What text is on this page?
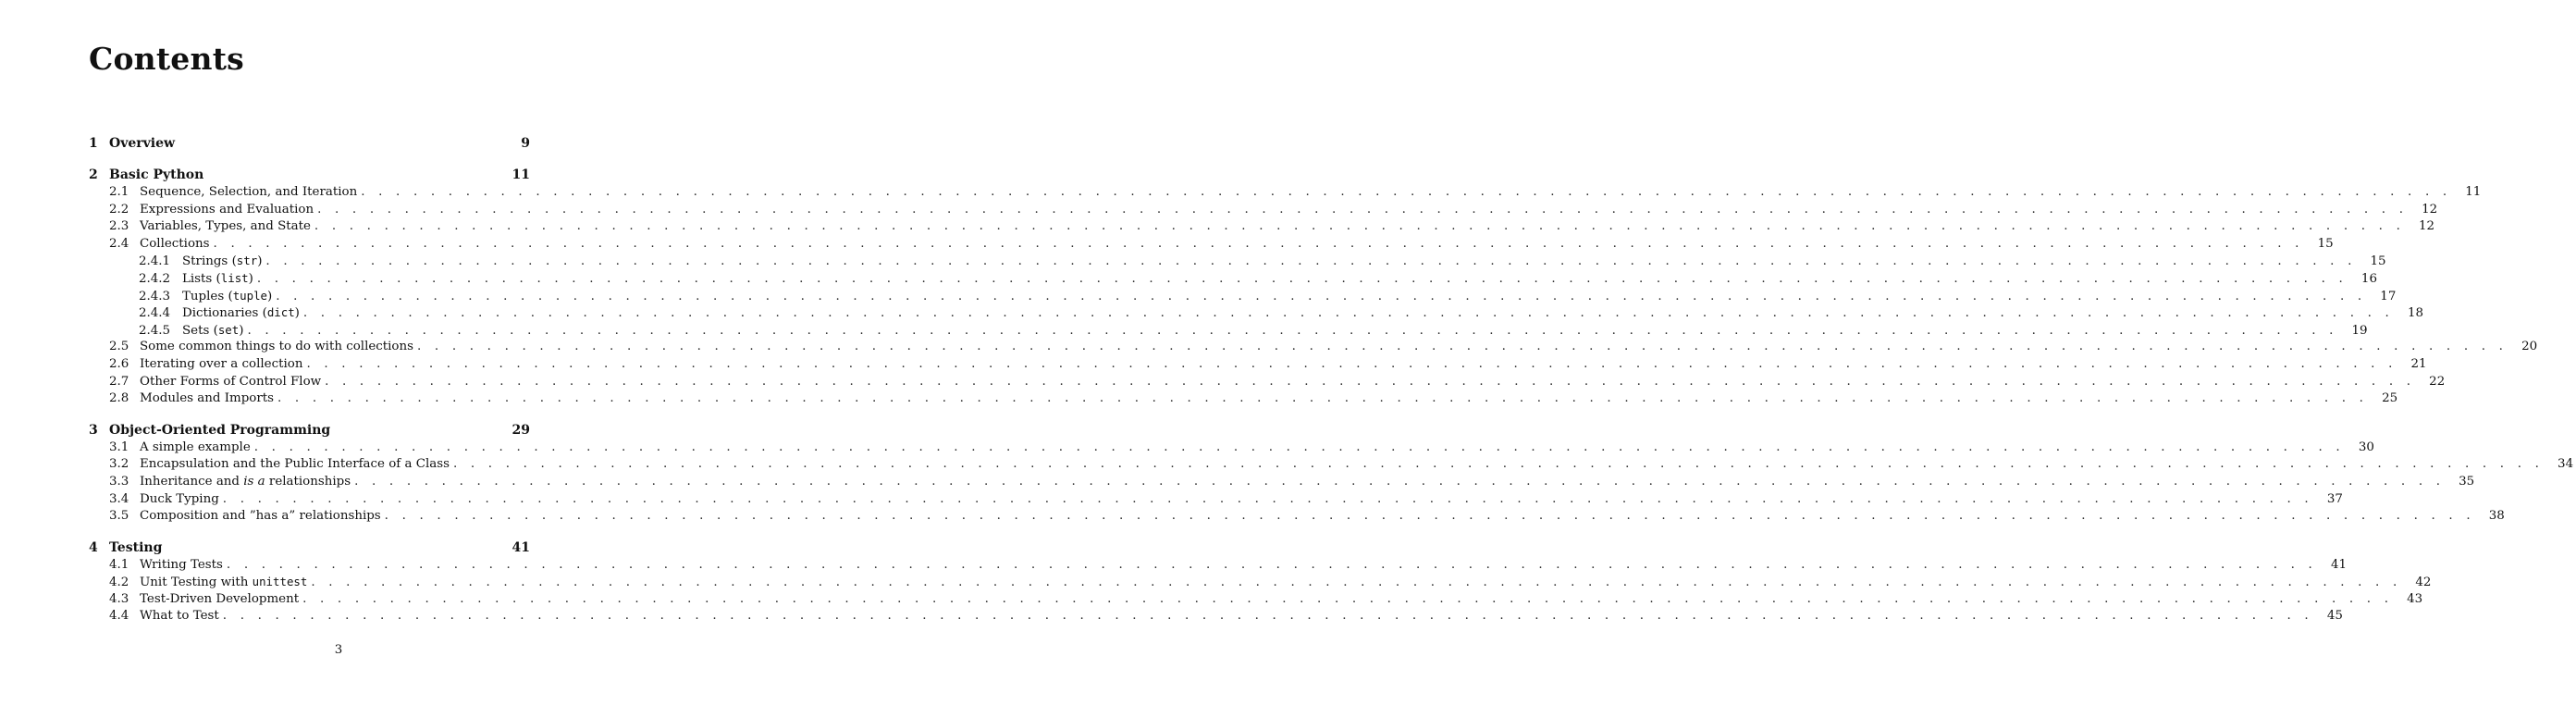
Contents
1 Overview	9
2 Basic Python	11
2.1 Sequence, Selection, and Iteration . . . . . . . . . . . . . . . . . . . . . . . . . . . . . . . . . . . . . . . . . . . . . . . . . . . . . . . . . . . . . . . . . . . . . . . . . . . . . . . . . . . . . . . . . . . . . . . . . . . . . . . . . . . . . . . . . . . . . . . .	11
2.2 Expressions and Evaluation . . . . . . . . . . . . . . . . . . . . . . . . . . . . . . . . . . . . . . . . . . . . . . . . . . . . . . . . . . . . . . . . . . . . . . . . . . . . . . . . . . . . . . . . . . . . . . . . . . . . . . . . . . . . . . . . . . . . . . . .	12
2.3 Variables, Types, and State . . . . . . . . . . . . . . . . . . . . . . . . . . . . . . . . . . . . . . . . . . . . . . . . . . . . . . . . . . . . . . . . . . . . . . . . . . . . . . . . . . . . . . . . . . . . . . . . . . . . . . . . . . . . . . . . . . . . . . . .	12
2.4 Collections . . . . . . . . . . . . . . . . . . . . . . . . . . . . . . . . . . . . . . . . . . . . . . . . . . . . . . . . . . . . . . . . . . . . . . . . . . . . . . . . . . . . . . . . . . . . . . . . . . . . . . . . . . . . . . . . . . . . . . . .	15
2.4.1 Strings (str) . . . . . . . . . . . . . . . . . . . . . . . . . . . . . . . . . . . . . . . . . . . . . . . . . . . . . . . . . . . . . . . . . . . . . . . . . . . . . . . . . . . . . . . . . . . . . . . . . . . . . . . . . . . . . . . . . . . . . . . .	15
2.4.2 Lists (list) . . . . . . . . . . . . . . . . . . . . . . . . . . . . . . . . . . . . . . . . . . . . . . . . . . . . . . . . . . . . . . . . . . . . . . . . . . . . . . . . . . . . . . . . . . . . . . . . . . . . . . . . . . . . . . . . . . . . . . . .	16
2.4.3 Tuples (tuple) . . . . . . . . . . . . . . . . . . . . . . . . . . . . . . . . . . . . . . . . . . . . . . . . . . . . . . . . . . . . . . . . . . . . . . . . . . . . . . . . . . . . . . . . . . . . . . . . . . . . . . . . . . . . . . . . . . . . . . . .	17
2.4.4 Dictionaries (dict) . . . . . . . . . . . . . . . . . . . . . . . . . . . . . . . . . . . . . . . . . . . . . . . . . . . . . . . . . . . . . . . . . . . . . . . . . . . . . . . . . . . . . . . . . . . . . . . . . . . . . . . . . . . . . . . . . . . . . . . .	18
2.4.5 Sets (set) . . . . . . . . . . . . . . . . . . . . . . . . . . . . . . . . . . . . . . . . . . . . . . . . . . . . . . . . . . . . . . . . . . . . . . . . . . . . . . . . . . . . . . . . . . . . . . . . . . . . . . . . . . . . . . . . . . . . . . . .	19
2.5 Some common things to do with collections . . . . . . . . . . . . . . . . . . . . . . . . . . . . . . . . . . . . . . . . . . . . . . . . . . . . . . . . . . . . . . . . . . . . . . . . . . . . . . . . . . . . . . . . . . . . . . . . . . . . . . . . . . . . . . . . . . . . . . . .	20
2.6 Iterating over a collection . . . . . . . . . . . . . . . . . . . . . . . . . . . . . . . . . . . . . . . . . . . . . . . . . . . . . . . . . . . . . . . . . . . . . . . . . . . . . . . . . . . . . . . . . . . . . . . . . . . . . . . . . . . . . . . . . . . . . . . .	21
2.7 Other Forms of Control Flow . . . . . . . . . . . . . . . . . . . . . . . . . . . . . . . . . . . . . . . . . . . . . . . . . . . . . . . . . . . . . . . . . . . . . . . . . . . . . . . . . . . . . . . . . . . . . . . . . . . . . . . . . . . . . . . . . . . . . . . .	22
2.8 Modules and Imports . . . . . . . . . . . . . . . . . . . . . . . . . . . . . . . . . . . . . . . . . . . . . . . . . . . . . . . . . . . . . . . . . . . . . . . . . . . . . . . . . . . . . . . . . . . . . . . . . . . . . . . . . . . . . . . . . . . . . . . .	25
3 Object-Oriented Programming	29
3.1 A simple example . . . . . . . . . . . . . . . . . . . . . . . . . . . . . . . . . . . . . . . . . . . . . . . . . . . . . . . . . . . . . . . . . . . . . . . . . . . . . . . . . . . . . . . . . . . . . . . . . . . . . . . . . . . . . . . . . . . . . . . .	30
3.2 Encapsulation and the Public Interface of a Class . . . . . . . . . . . . . . . . . . . . . . . . . . . . . . . . . . . . . . . . . . . . . . . . . . . . . . . . . . . . . . . . . . . . . . . . . . . . . . . . . . . . . . . . . . . . . . . . . . . . . . . . . . . . . . . . . . . . . . . .	34
3.3 Inheritance and is a relationships . . . . . . . . . . . . . . . . . . . . . . . . . . . . . . . . . . . . . . . . . . . . . . . . . . . . . . . . . . . . . . . . . . . . . . . . . . . . . . . . . . . . . . . . . . . . . . . . . . . . . . . . . . . . . . . . . . . . . . . .	35
3.4 Duck Typing . . . . . . . . . . . . . . . . . . . . . . . . . . . . . . . . . . . . . . . . . . . . . . . . . . . . . . . . . . . . . . . . . . . . . . . . . . . . . . . . . . . . . . . . . . . . . . . . . . . . . . . . . . . . . . . . . . . . . . . .	37
3.5 Composition and ”has a” relationships . . . . . . . . . . . . . . . . . . . . . . . . . . . . . . . . . . . . . . . . . . . . . . . . . . . . . . . . . . . . . . . . . . . . . . . . . . . . . . . . . . . . . . . . . . . . . . . . . . . . . . . . . . . . . . . . . . . . . . . .	38
4 Testing	41
4.1 Writing Tests . . . . . . . . . . . . . . . . . . . . . . . . . . . . . . . . . . . . . . . . . . . . . . . . . . . . . . . . . . . . . . . . . . . . . . . . . . . . . . . . . . . . . . . . . . . . . . . . . . . . . . . . . . . . . . . . . . . . . . . .	41
4.2 Unit Testing with unittest . . . . . . . . . . . . . . . . . . . . . . . . . . . . . . . . . . . . . . . . . . . . . . . . . . . . . . . . . . . . . . . . . . . . . . . . . . . . . . . . . . . . . . . . . . . . . . . . . . . . . . . . . . . . . . . . . . . . . . . .	42
4.3 Test-Driven Development . . . . . . . . . . . . . . . . . . . . . . . . . . . . . . . . . . . . . . . . . . . . . . . . . . . . . . . . . . . . . . . . . . . . . . . . . . . . . . . . . . . . . . . . . . . . . . . . . . . . . . . . . . . . . . . . . . . . . . . .	43
4.4 What to Test . . . . . . . . . . . . . . . . . . . . . . . . . . . . . . . . . . . . . . . . . . . . . . . . . . . . . . . . . . . . . . . . . . . . . . . . . . . . . . . . . . . . . . . . . . . . . . . . . . . . . . . . . . . . . . . . . . . . . . . .	45
3
